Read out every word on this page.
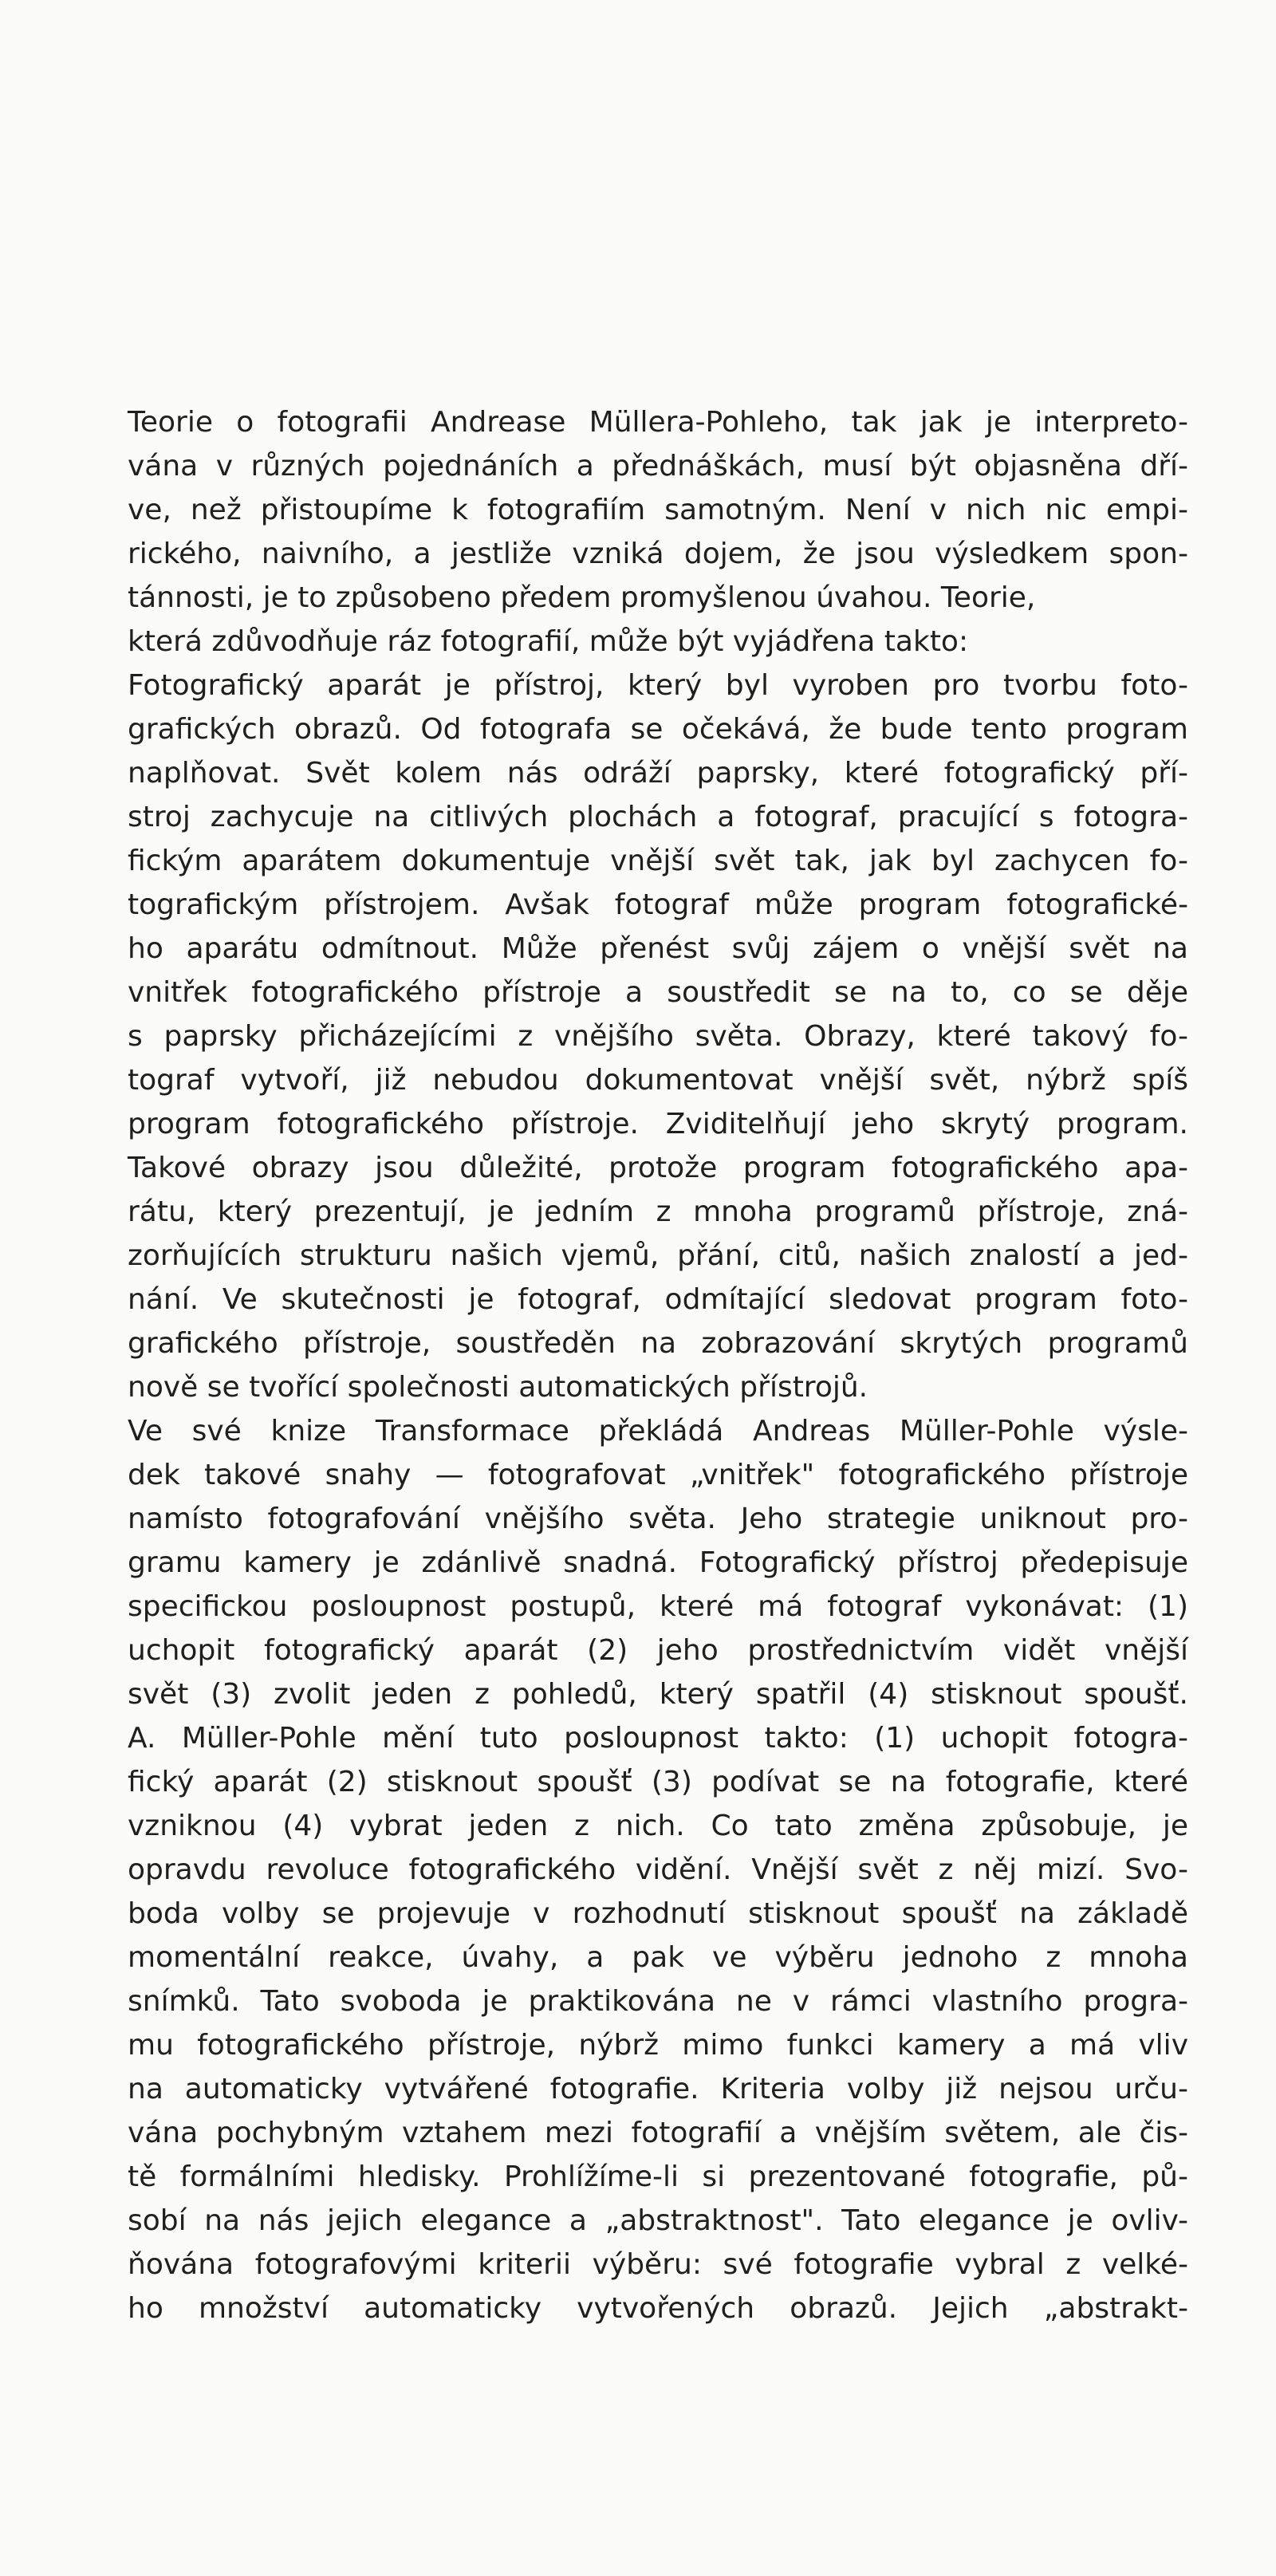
Teorie o fotografii Andrease Müllera-Pohleho, tak jak je interpreto-
vána v různých pojednáních a přednáškách, musí být objasněna dří-
ve, než přistoupíme k fotografiím samotným. Není v nich nic empi-
rického, naivního, a jestliže vzniká dojem, že jsou výsledkem spon-
tánnosti, je to způsobeno předem promyšlenou úvahou. Teorie,
která zdůvodňuje ráz fotografií, může být vyjádřena takto:
Fotografický aparát je přístroj, který byl vyroben pro tvorbu foto-
grafických obrazů. Od fotografa se očekává, že bude tento program
naplňovat. Svět kolem nás odráží paprsky, které fotografický pří-
stroj zachycuje na citlivých plochách a fotograf, pracující s fotogra-
fickým aparátem dokumentuje vnější svět tak, jak byl zachycen fo-
tografickým přístrojem. Avšak fotograf může program fotografické-
ho aparátu odmítnout. Může přenést svůj zájem o vnější svět na
vnitřek fotografického přístroje a soustředit se na to, co se děje
s paprsky přicházejícími z vnějšího světa. Obrazy, které takový fo-
tograf vytvoří, již nebudou dokumentovat vnější svět, nýbrž spíš
program fotografického přístroje. Zviditelňují jeho skrytý program.
Takové obrazy jsou důležité, protože program fotografického apa-
rátu, který prezentují, je jedním z mnoha programů přístroje, zná-
zorňujících strukturu našich vjemů, přání, citů, našich znalostí a jed-
nání. Ve skutečnosti je fotograf, odmítající sledovat program foto-
grafického přístroje, soustředěn na zobrazování skrytých programů
nově se tvořící společnosti automatických přístrojů.
Ve své knize Transformace překládá Andreas Müller-Pohle výsle-
dek takové snahy — fotografovat „vnitřek" fotografického přístroje
namísto fotografování vnějšího světa. Jeho strategie uniknout pro-
gramu kamery je zdánlivě snadná. Fotografický přístroj předepisuje
specifickou posloupnost postupů, které má fotograf vykonávat: (1)
uchopit fotografický aparát (2) jeho prostřednictvím vidět vnější
svět (3) zvolit jeden z pohledů, který spatřil (4) stisknout spoušť.
A. Müller-Pohle mění tuto posloupnost takto: (1) uchopit fotogra-
fický aparát (2) stisknout spoušť (3) podívat se na fotografie, které
vzniknou (4) vybrat jeden z nich. Co tato změna způsobuje, je
opravdu revoluce fotografického vidění. Vnější svět z něj mizí. Svo-
boda volby se projevuje v rozhodnutí stisknout spoušť na základě
momentální reakce, úvahy, a pak ve výběru jednoho z mnoha
snímků. Tato svoboda je praktikována ne v rámci vlastního progra-
mu fotografického přístroje, nýbrž mimo funkci kamery a má vliv
na automaticky vytvářené fotografie. Kriteria volby již nejsou urču-
vána pochybným vztahem mezi fotografií a vnějším světem, ale čis-
tě formálními hledisky. Prohlížíme-li si prezentované fotografie, pů-
sobí na nás jejich elegance a „abstraktnost". Tato elegance je ovliv-
ňována fotografovými kriterii výběru: své fotografie vybral z velké-
ho množství automaticky vytvořených obrazů. Jejich „abstrakt-
